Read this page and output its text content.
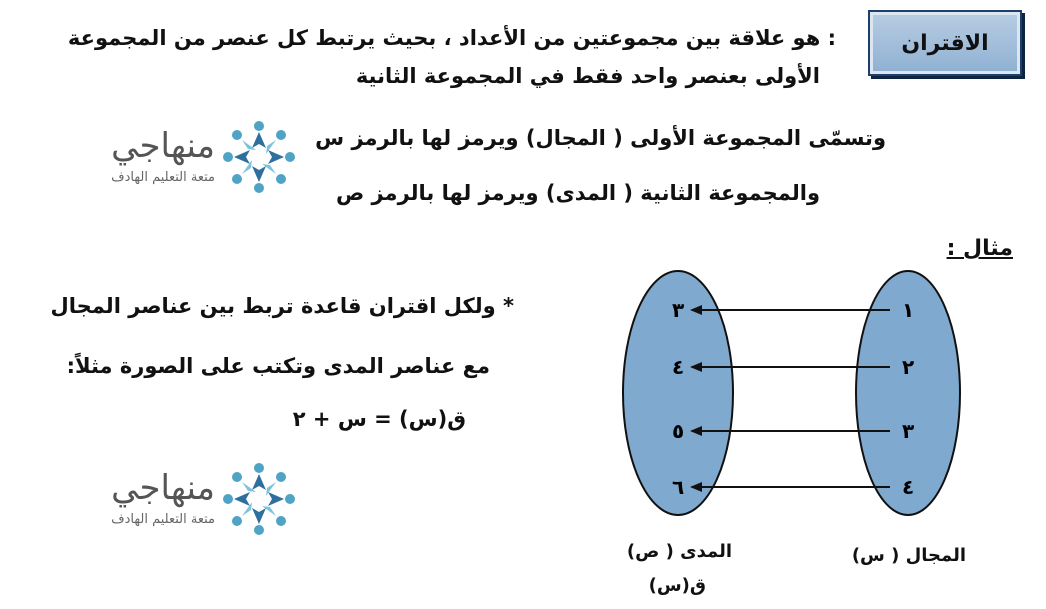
الاقتران
: هو علاقة بين مجموعتين من الأعداد ، بحيث يرتبط كل عنصر من المجموعة
الأولى بعنصر واحد فقط في المجموعة الثانية
وتسمّى المجموعة الأولى ( المجال) ويرمز لها بالرمز س
والمجموعة الثانية ( المدى) ويرمز لها بالرمز ص
مثال :
* ولكل اقتران قاعدة تربط بين عناصر المجال
مع عناصر المدى وتكتب على الصورة مثلاً:
ق(س) = س + ٢
منهاجي
متعة التعليم الهادف
منهاجي
متعة التعليم الهادف
١
٣
٢
٤
٣
٥
٤
٦
المجال ( س)
المدى ( ص)
ق(س)
